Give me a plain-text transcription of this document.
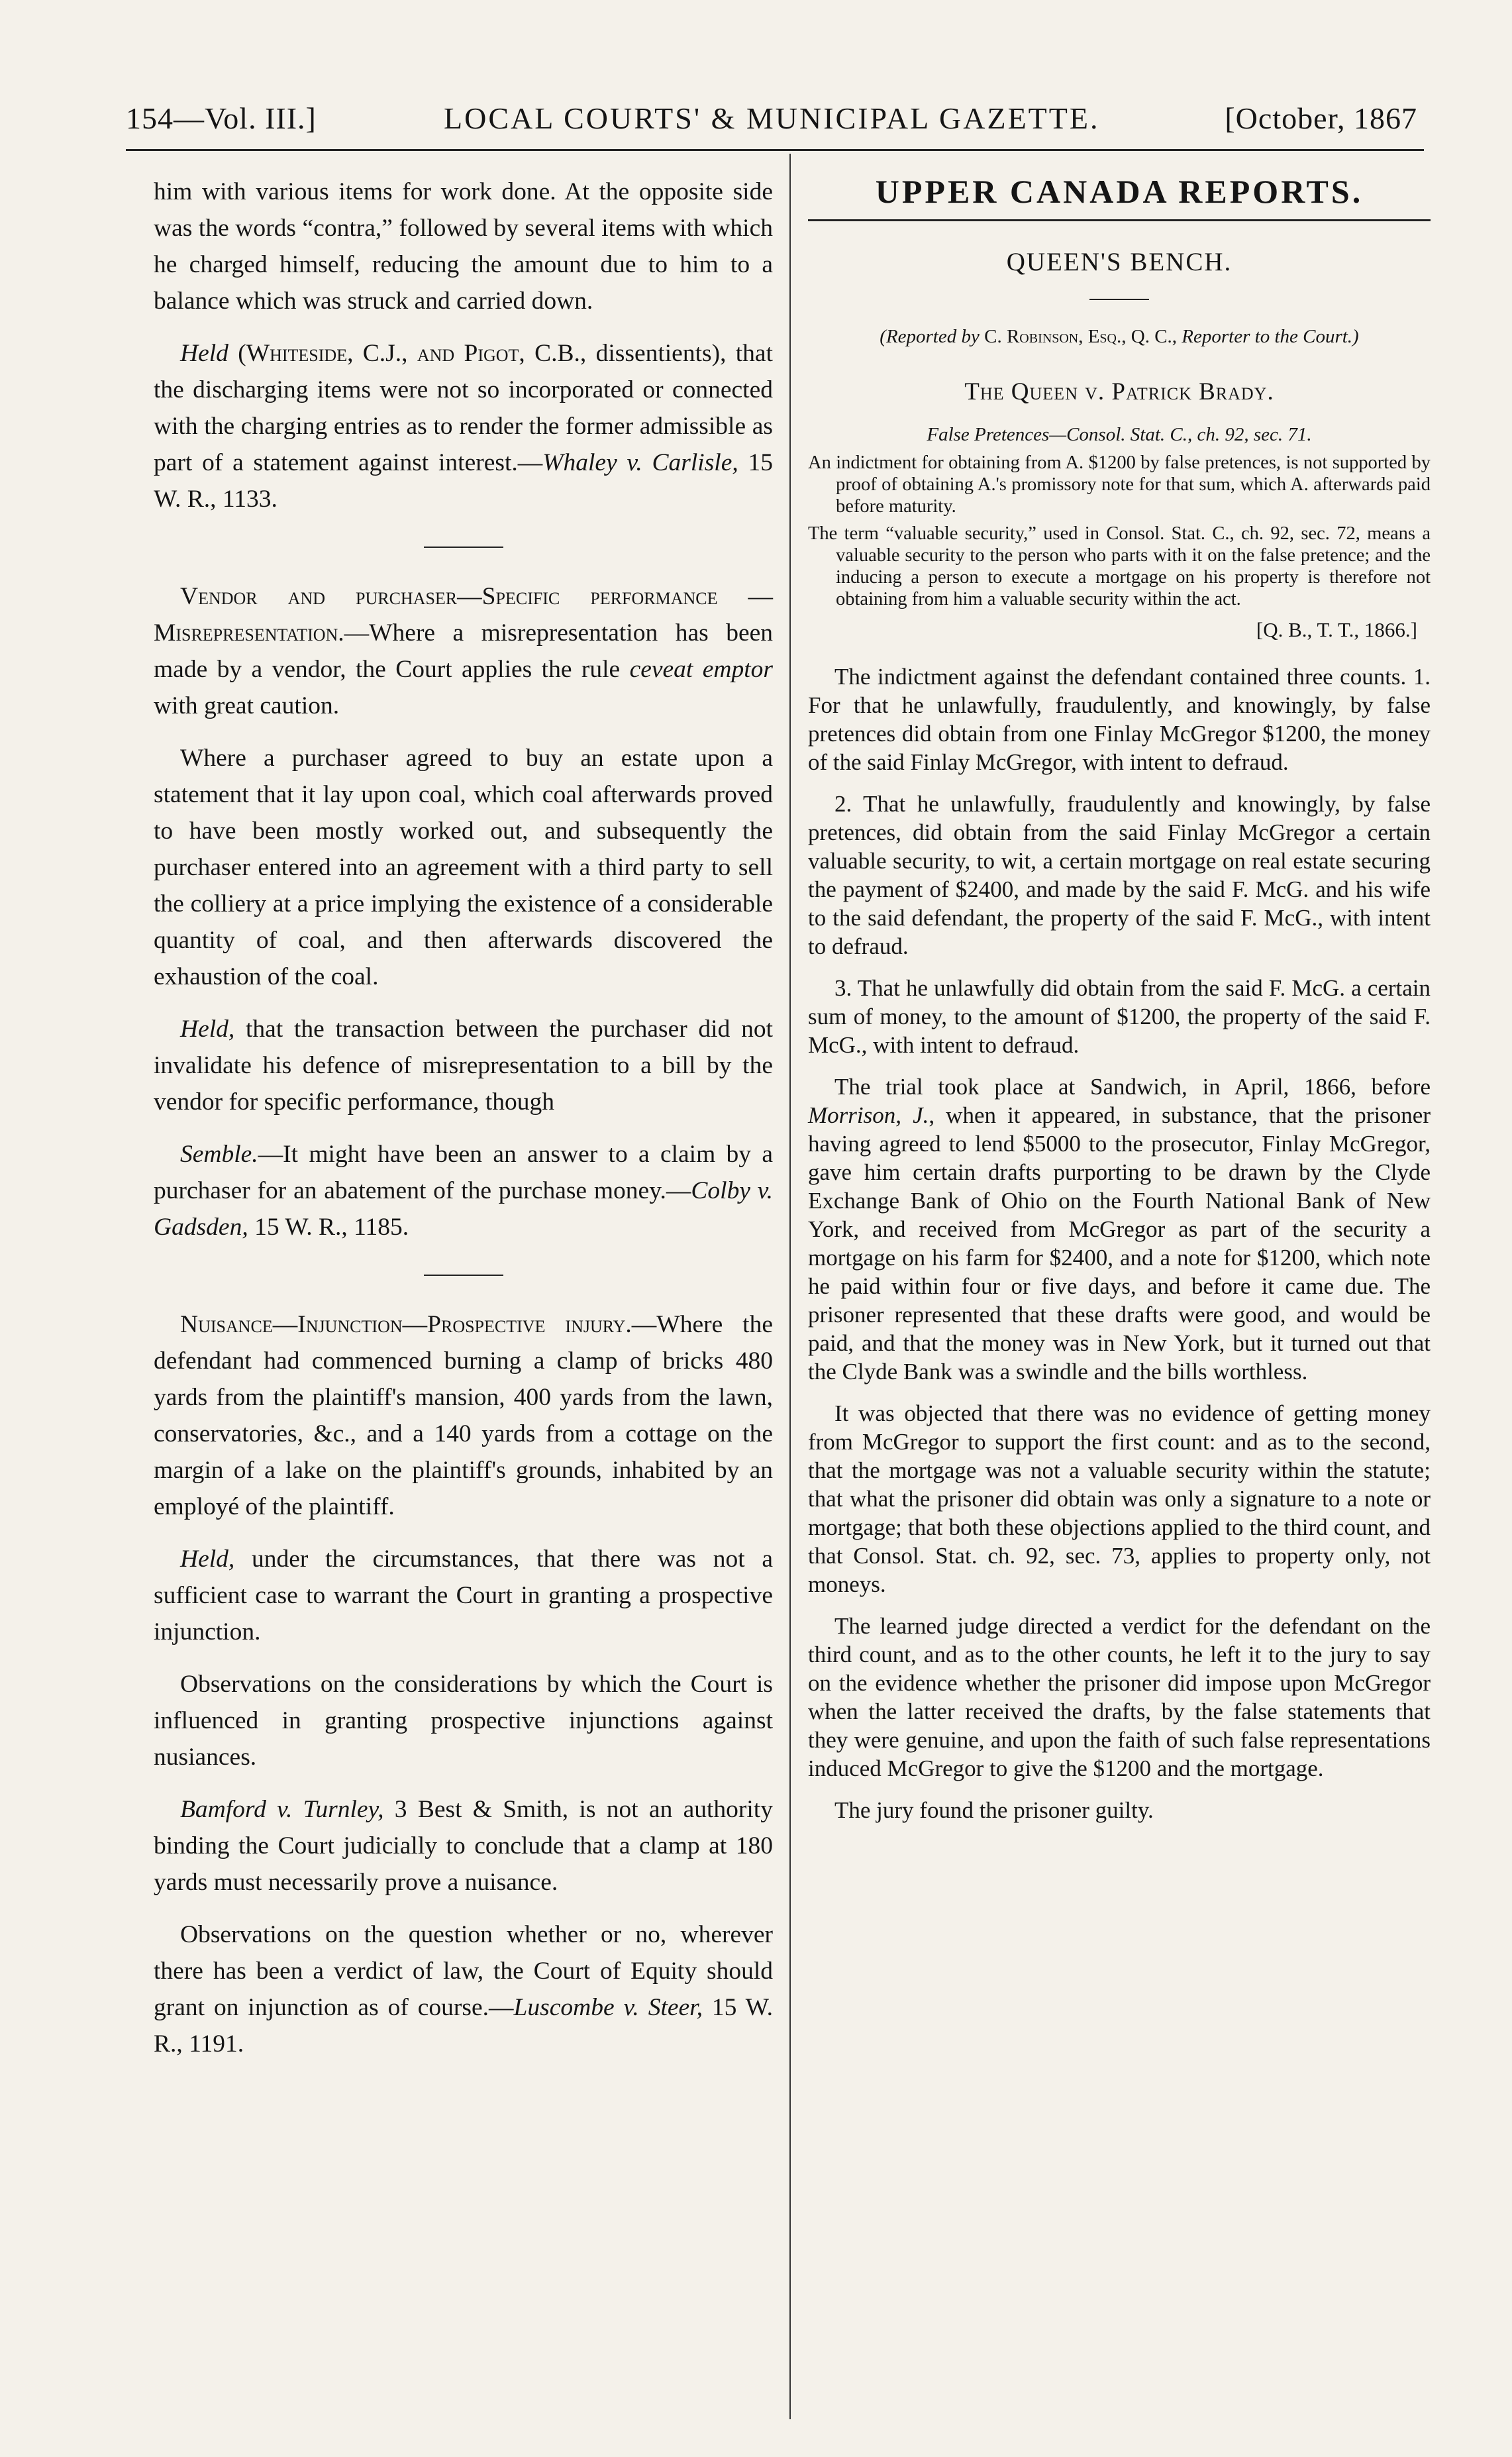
154—Vol. III.]	LOCAL COURTS' & MUNICIPAL GAZETTE.	[October, 1867

him with various items for work done. At the opposite side was the words “contra,” followed by several items with which he charged himself, reducing the amount due to him to a balance which was struck and carried down.

Held (Whiteside, C.J., and Pigot, C.B., dissentients), that the discharging items were not so incorporated or connected with the charging entries as to render the former admissible as part of a statement against interest.—Whaley v. Carlisle, 15 W. R., 1133.

Vendor and purchaser—Specific performance — Misrepresentation.—Where a misrepresentation has been made by a vendor, the Court applies the rule ceveat emptor with great caution.

Where a purchaser agreed to buy an estate upon a statement that it lay upon coal, which coal afterwards proved to have been mostly worked out, and subsequently the purchaser entered into an agreement with a third party to sell the colliery at a price implying the existence of a considerable quantity of coal, and then afterwards discovered the exhaustion of the coal.

Held, that the transaction between the purchaser did not invalidate his defence of misrepresentation to a bill by the vendor for specific performance, though

Semble.—It might have been an answer to a claim by a purchaser for an abatement of the purchase money.—Colby v. Gadsden, 15 W. R., 1185.

Nuisance—Injunction—Prospective injury.—Where the defendant had commenced burning a clamp of bricks 480 yards from the plaintiff's mansion, 400 yards from the lawn, conservatories, &c., and a 140 yards from a cottage on the margin of a lake on the plaintiff's grounds, inhabited by an employé of the plaintiff.

Held, under the circumstances, that there was not a sufficient case to warrant the Court in granting a prospective injunction.

Observations on the considerations by which the Court is influenced in granting prospective injunctions against nusiances.

Bamford v. Turnley, 3 Best & Smith, is not an authority binding the Court judicially to conclude that a clamp at 180 yards must necessarily prove a nuisance.

Observations on the question whether or no, wherever there has been a verdict of law, the Court of Equity should grant on injunction as of course.—Luscombe v. Steer, 15 W. R., 1191.

UPPER CANADA REPORTS.
QUEEN'S BENCH.

(Reported by C. Robinson, Esq., Q. C., Reporter to the Court.)

The Queen v. Patrick Brady.

False Pretences—Consol. Stat. C., ch. 92, sec. 71.

An indictment for obtaining from A. $1200 by false pretences, is not supported by proof of obtaining A.'s promissory note for that sum, which A. afterwards paid before maturity.

The term “valuable security,” used in Consol. Stat. C., ch. 92, sec. 72, means a valuable security to the person who parts with it on the false pretence; and the inducing a person to execute a mortgage on his property is therefore not obtaining from him a valuable security within the act.

[Q. B., T. T., 1866.]

The indictment against the defendant contained three counts. 1. For that he unlawfully, fraudulently, and knowingly, by false pretences did obtain from one Finlay McGregor $1200, the money of the said Finlay McGregor, with intent to defraud.

2. That he unlawfully, fraudulently and knowingly, by false pretences, did obtain from the said Finlay McGregor a certain valuable security, to wit, a certain mortgage on real estate securing the payment of $2400, and made by the said F. McG. and his wife to the said defendant, the property of the said F. McG., with intent to defraud.

3. That he unlawfully did obtain from the said F. McG. a certain sum of money, to the amount of $1200, the property of the said F. McG., with intent to defraud.

The trial took place at Sandwich, in April, 1866, before Morrison, J., when it appeared, in substance, that the prisoner having agreed to lend $5000 to the prosecutor, Finlay McGregor, gave him certain drafts purporting to be drawn by the Clyde Exchange Bank of Ohio on the Fourth National Bank of New York, and received from McGregor as part of the security a mortgage on his farm for $2400, and a note for $1200, which note he paid within four or five days, and before it came due. The prisoner represented that these drafts were good, and would be paid, and that the money was in New York, but it turned out that the Clyde Bank was a swindle and the bills worthless.

It was objected that there was no evidence of getting money from McGregor to support the first count: and as to the second, that the mortgage was not a valuable security within the statute; that what the prisoner did obtain was only a signature to a note or mortgage; that both these objections applied to the third count, and that Consol. Stat. ch. 92, sec. 73, applies to property only, not moneys.

The learned judge directed a verdict for the defendant on the third count, and as to the other counts, he left it to the jury to say on the evidence whether the prisoner did impose upon McGregor when the latter received the drafts, by the false statements that they were genuine, and upon the faith of such false representations induced McGregor to give the $1200 and the mortgage.

The jury found the prisoner guilty.
